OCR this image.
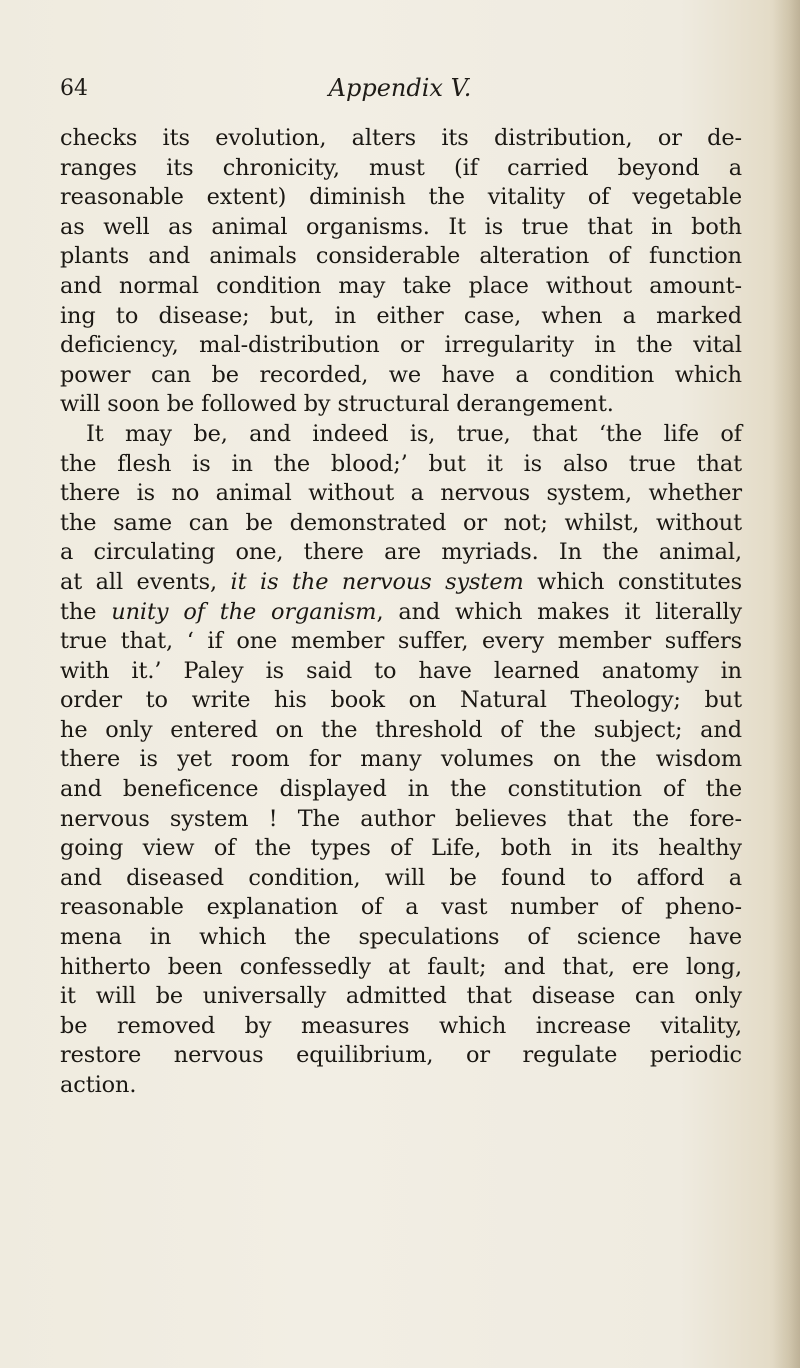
64	Appendix V.
checks its evolution, alters its distribution, or de-
ranges its chronicity, must (if carried beyond a
reasonable extent) diminish the vitality of vegetable
as well as animal organisms. It is true that in both
plants and animals considerable alteration of function
and normal condition may take place without amount-
ing to disease; but, in either case, when a marked
deficiency, mal-distribution or irregularity in the vital
power can be recorded, we have a condition which
will soon be followed by structural derangement.
It may be, and indeed is, true, that ‘the life of
the flesh is in the blood;’ but it is also true that
there is no animal without a nervous system, whether
the same can be demonstrated or not; whilst, without
a circulating one, there are myriads. In the animal,
at all events, it is the nervous system which constitutes
the unity of the organism, and which makes it literally
true that, ‘ if one member suffer, every member suffers
with it.’ Paley is said to have learned anatomy in
order to write his book on Natural Theology; but
he only entered on the threshold of the subject; and
there is yet room for many volumes on the wisdom
and beneficence displayed in the constitution of the
nervous system ! The author believes that the fore-
going view of the types of Life, both in its healthy
and diseased condition, will be found to afford a
reasonable explanation of a vast number of pheno-
mena in which the speculations of science have
hitherto been confessedly at fault; and that, ere long,
it will be universally admitted that disease can only
be removed by measures which increase vitality,
restore nervous equilibrium, or regulate periodic
action.
